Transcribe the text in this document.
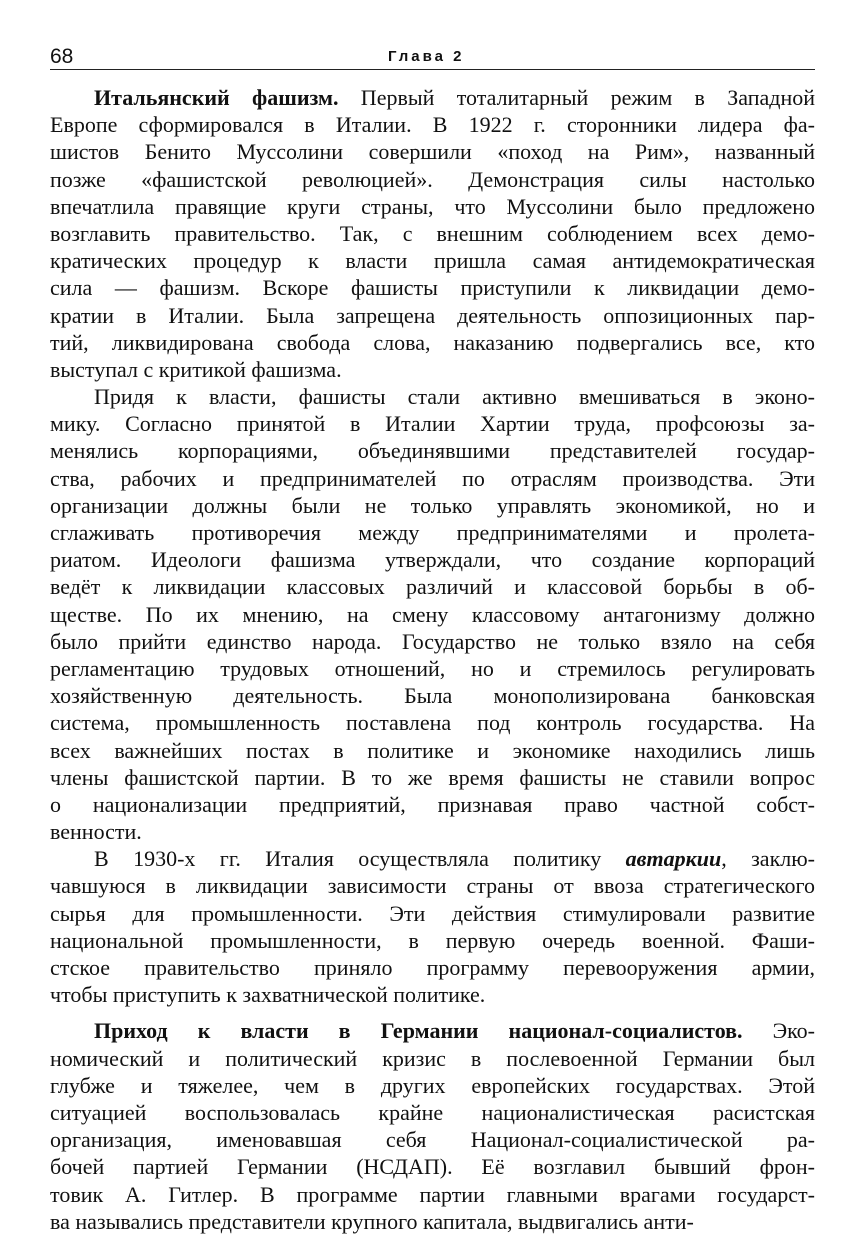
68	Глава 2
Итальянский фашизм. Первый тоталитарный режим в Западной
Европе сформировался в Италии. В 1922 г. сторонники лидера фа-
шистов Бенито Муссолини совершили «поход на Рим», названный
позже «фашистской революцией». Демонстрация силы настолько
впечатлила правящие круги страны, что Муссолини было предложено
возглавить правительство. Так, с внешним соблюдением всех демо-
кратических процедур к власти пришла самая антидемократическая
сила — фашизм. Вскоре фашисты приступили к ликвидации демо-
кратии в Италии. Была запрещена деятельность оппозиционных пар-
тий, ликвидирована свобода слова, наказанию подвергались все, кто
выступал с критикой фашизма.
Придя к власти, фашисты стали активно вмешиваться в эконо-
мику. Согласно принятой в Италии Хартии труда, профсоюзы за-
менялись корпорациями, объединявшими представителей государ-
ства, рабочих и предпринимателей по отраслям производства. Эти
организации должны были не только управлять экономикой, но и
сглаживать противоречия между предпринимателями и пролета-
риатом. Идеологи фашизма утверждали, что создание корпораций
ведёт к ликвидации классовых различий и классовой борьбы в об-
ществе. По их мнению, на смену классовому антагонизму должно
было прийти единство народа. Государство не только взяло на себя
регламентацию трудовых отношений, но и стремилось регулировать
хозяйственную деятельность. Была монополизирована банковская
система, промышленность поставлена под контроль государства. На
всех важнейших постах в политике и экономике находились лишь
члены фашистской партии. В то же время фашисты не ставили вопрос
о национализации предприятий, признавая право частной собст-
венности.
В 1930-х гг. Италия осуществляла политику автаркии, заклю-
чавшуюся в ликвидации зависимости страны от ввоза стратегического
сырья для промышленности. Эти действия стимулировали развитие
национальной промышленности, в первую очередь военной. Фаши-
стское правительство приняло программу перевооружения армии,
чтобы приступить к захватнической политике.
Приход к власти в Германии национал-социалистов. Эко-
номический и политический кризис в послевоенной Германии был
глубже и тяжелее, чем в других европейских государствах. Этой
ситуацией воспользовалась крайне националистическая расистская
организация, именовавшая себя Национал-социалистической ра-
бочей партией Германии (НСДАП). Её возглавил бывший фрон-
товик А. Гитлер. В программе партии главными врагами государст-
ва назывались представители крупного капитала, выдвигались анти-
